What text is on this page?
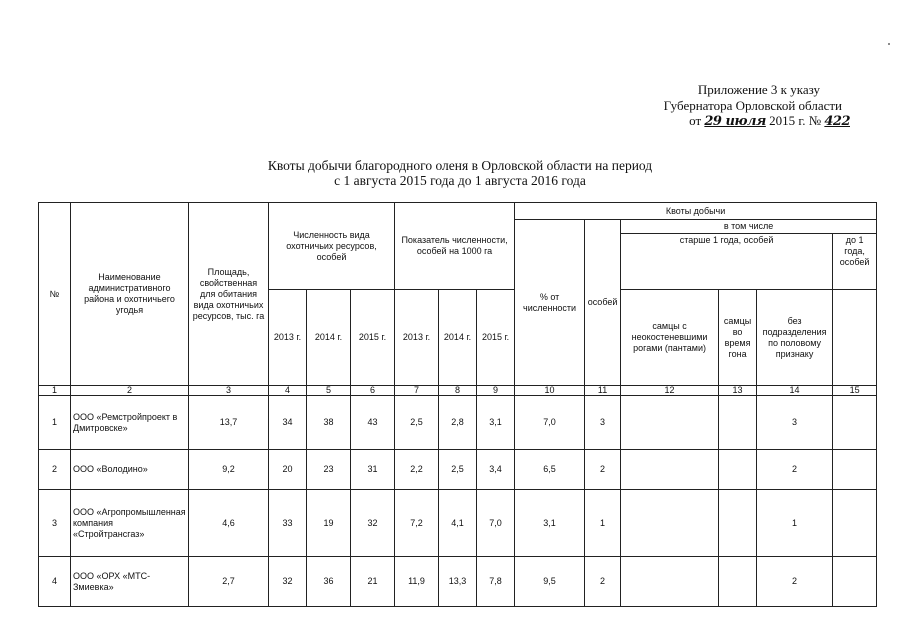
Приложение 3 к указу
Губернатора Орловской области
от 29 июля 2015 г. № 422
Квоты добычи благородного оленя в Орловской области на период
с 1 августа 2015 года до 1 августа 2016 года
№	Наименование административного района и охотничьего угодья	Площадь, свойственная для обитания вида охотничьих ресурсов, тыс. га	Численность вида охотничьих ресурсов, особей			Показатель численности, особей на 1000 га			Квоты добычи					
									% от численности	особей	в том числе			
											старше 1 года, особей			до 1 года, особей
			2013 г.	2014 г.	2015 г.	2013 г.	2014 г.	2015 г.			самцы с неокостеневшими рогами (пантами)	самцы во время гона	без подразделения по половому признаку	
1	2	3	4	5	6	7	8	9	10	11	12	13	14	15
1	ООО «Ремстройпроект в Дмитровске»	13,7	34	38	43	2,5	2,8	3,1	7,0	3			3	
2	ООО «Володино»	9,2	20	23	31	2,2	2,5	3,4	6,5	2			2	
3	ООО «Агропромышленная компания «Стройтрансгаз»	4,6	33	19	32	7,2	4,1	7,0	3,1	1			1	
4	ООО «ОРХ «МТС-Змиевка»	2,7	32	36	21	11,9	13,3	7,8	9,5	2			2	
